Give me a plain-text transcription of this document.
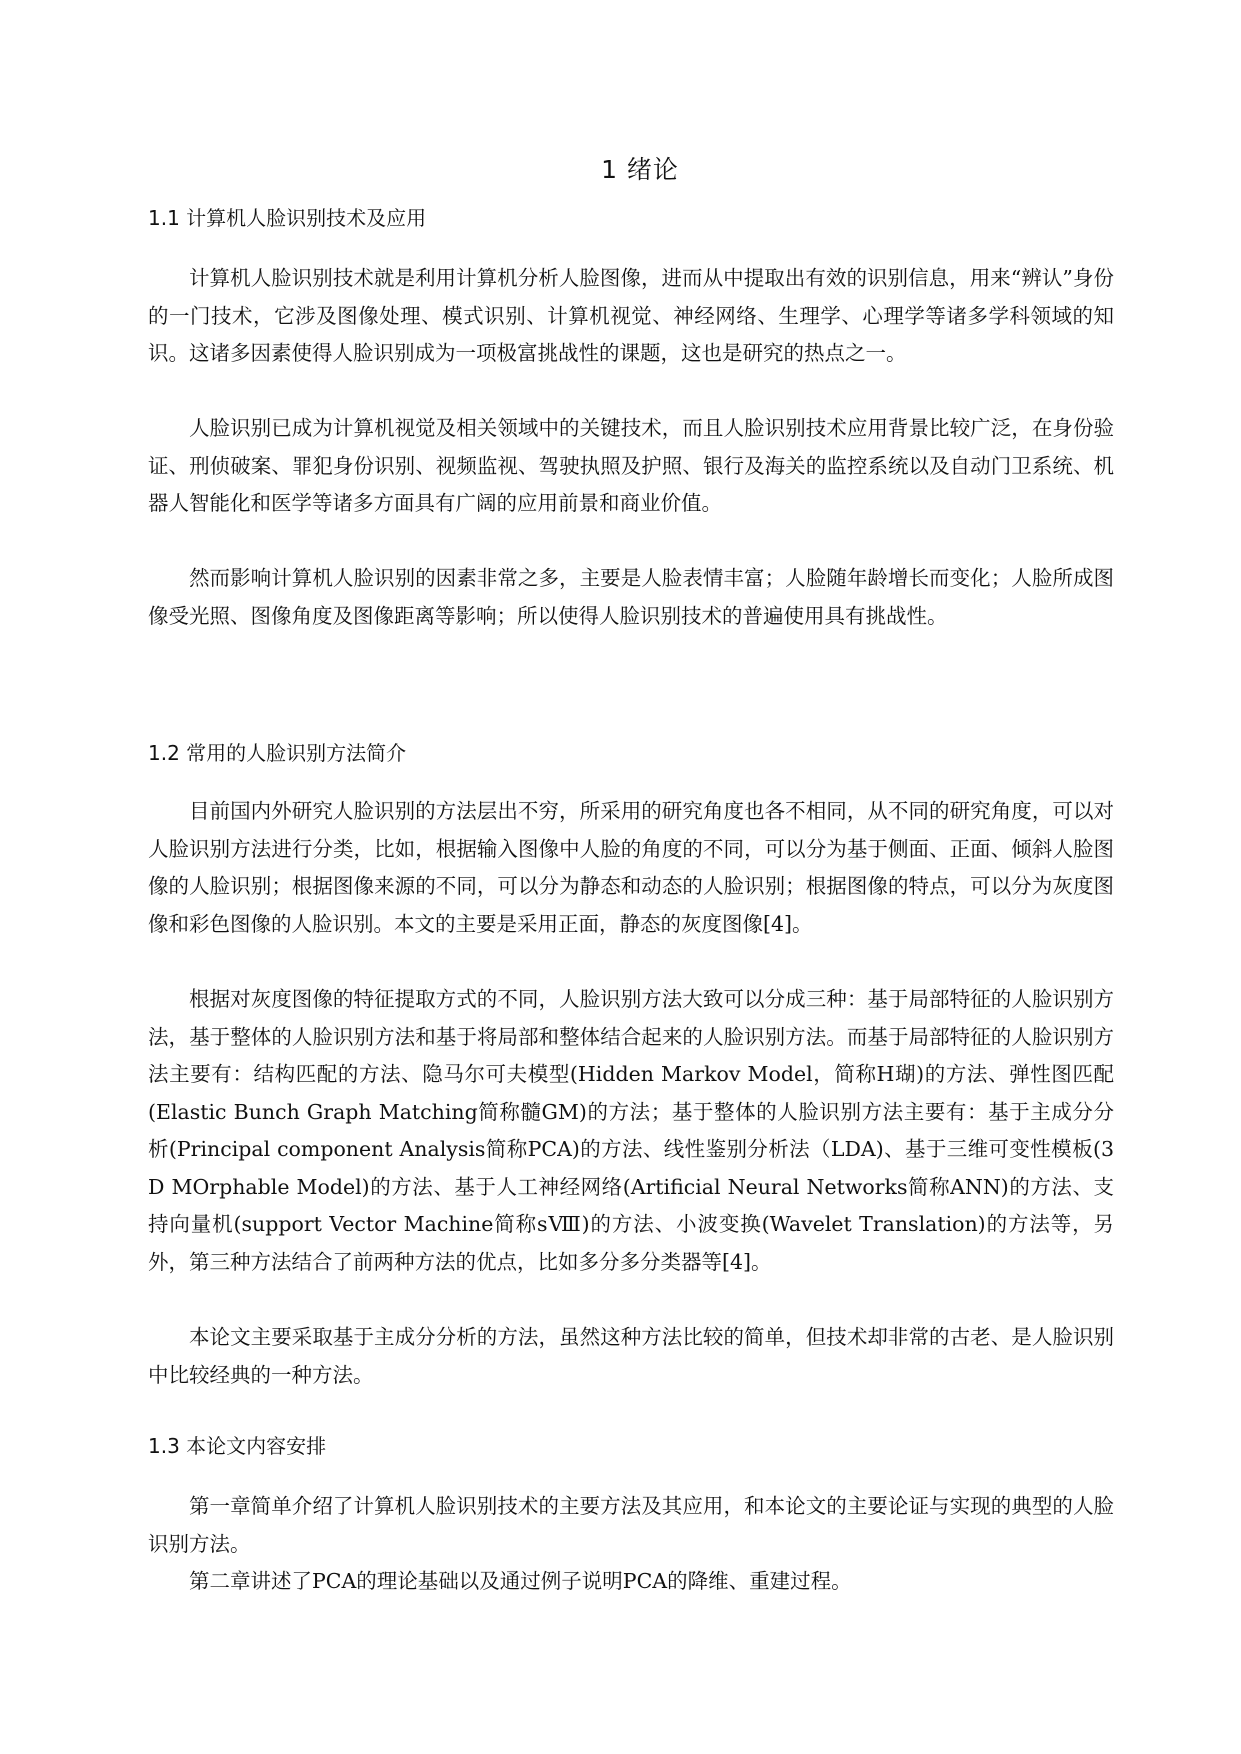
1 绪论
1.1 计算机人脸识别技术及应用

计算机人脸识别技术就是利用计算机分析人脸图像，进而从中提取出有效的识别信息，用来“辨认”身份的一门技术，它涉及图像处理、模式识别、计算机视觉、神经网络、生理学、心理学等诸多学科领域的知识。这诸多因素使得人脸识别成为一项极富挑战性的课题，这也是研究的热点之一。

人脸识别已成为计算机视觉及相关领域中的关键技术，而且人脸识别技术应用背景比较广泛，在身份验证、刑侦破案、罪犯身份识别、视频监视、驾驶执照及护照、银行及海关的监控系统以及自动门卫系统、机器人智能化和医学等诸多方面具有广阔的应用前景和商业价值。

然而影响计算机人脸识别的因素非常之多，主要是人脸表情丰富；人脸随年龄增长而变化；人脸所成图像受光照、图像角度及图像距离等影响；所以使得人脸识别技术的普遍使用具有挑战性。

1.2 常用的人脸识别方法简介

目前国内外研究人脸识别的方法层出不穷，所采用的研究角度也各不相同，从不同的研究角度，可以对人脸识别方法进行分类，比如，根据输入图像中人脸的角度的不同，可以分为基于侧面、正面、倾斜人脸图像的人脸识别；根据图像来源的不同，可以分为静态和动态的人脸识别；根据图像的特点，可以分为灰度图像和彩色图像的人脸识别。本文的主要是采用正面，静态的灰度图像[4]。

根据对灰度图像的特征提取方式的不同，人脸识别方法大致可以分成三种：基于局部特征的人脸识别方法，基于整体的人脸识别方法和基于将局部和整体结合起来的人脸识别方法。而基于局部特征的人脸识别方法主要有：结构匹配的方法、隐马尔可夫模型(Hidden Markov Model，简称H瑚)的方法、弹性图匹配(Elastic Bunch Graph Matching简称髓GM)的方法；基于整体的人脸识别方法主要有：基于主成分分析(Principal component Analysis简称PCA)的方法、线性鉴别分析法（LDA)、基于三维可变性模板(3D MOrphable Model)的方法、基于人工神经网络(Artificial Neural Networks简称ANN)的方法、支持向量机(support Vector Machine简称sⅧ)的方法、小波变换(Wavelet Translation)的方法等，另外，第三种方法结合了前两种方法的优点，比如多分多分类器等[4]。

本论文主要采取基于主成分分析的方法，虽然这种方法比较的简单，但技术却非常的古老、是人脸识别中比较经典的一种方法。

1.3 本论文内容安排

第一章简单介绍了计算机人脸识别技术的主要方法及其应用，和本论文的主要论证与实现的典型的人脸识别方法。

第二章讲述了PCA的理论基础以及通过例子说明PCA的降维、重建过程。
